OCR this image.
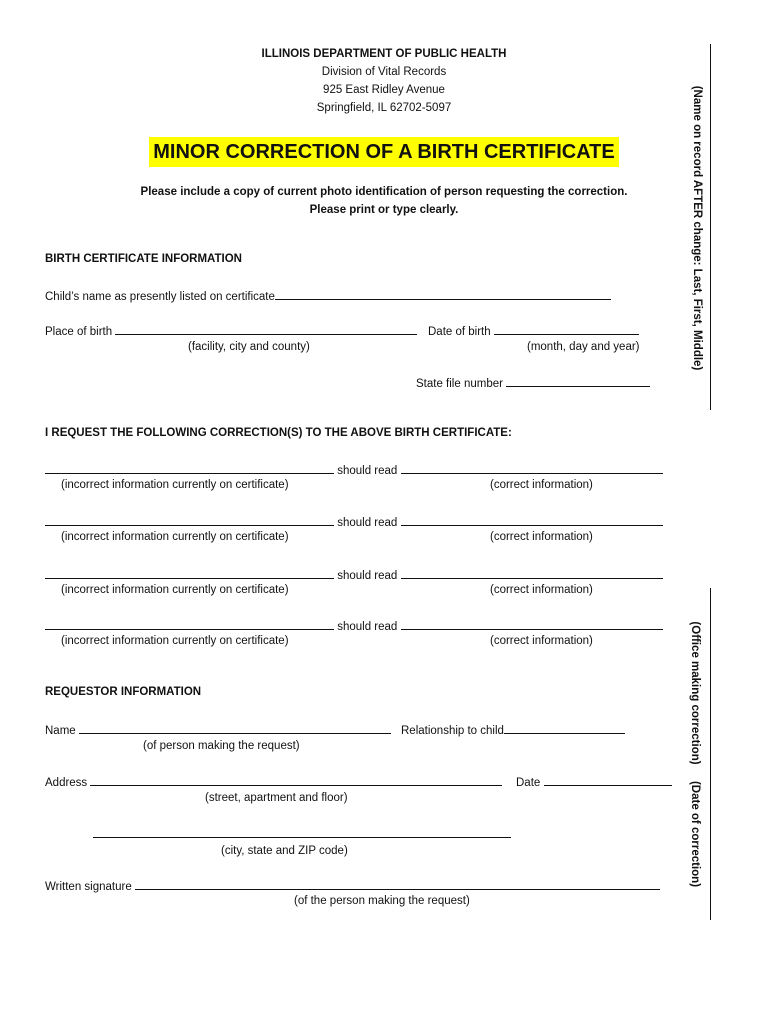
ILLINOIS DEPARTMENT OF PUBLIC HEALTH
Division of Vital Records
925 East Ridley Avenue
Springfield, IL 62702-5097
MINOR CORRECTION OF A BIRTH CERTIFICATE
Please include a copy of current photo identification of person requesting the correction.
Please print or type clearly.
BIRTH CERTIFICATE INFORMATION
Child’s name as presently listed on certificate
Place of birth	Date of birth
(facility, city and county)	(month, day and year)
State file number
I REQUEST THE FOLLOWING CORRECTION(S) TO THE ABOVE BIRTH CERTIFICATE:
should read
(incorrect information currently on certificate)	(correct information)
should read
(incorrect information currently on certificate)	(correct information)
should read
(incorrect information currently on certificate)	(correct information)
should read
(incorrect information currently on certificate)	(correct information)
REQUESTOR INFORMATION
Name	Relationship to child
(of person making the request)
Address	Date
(street, apartment and floor)
(city, state and ZIP code)
Written signature
(of the person making the request)
(Name on record AFTER change: Last, First, Middle)
(Office making correction)
(Date of correction)
